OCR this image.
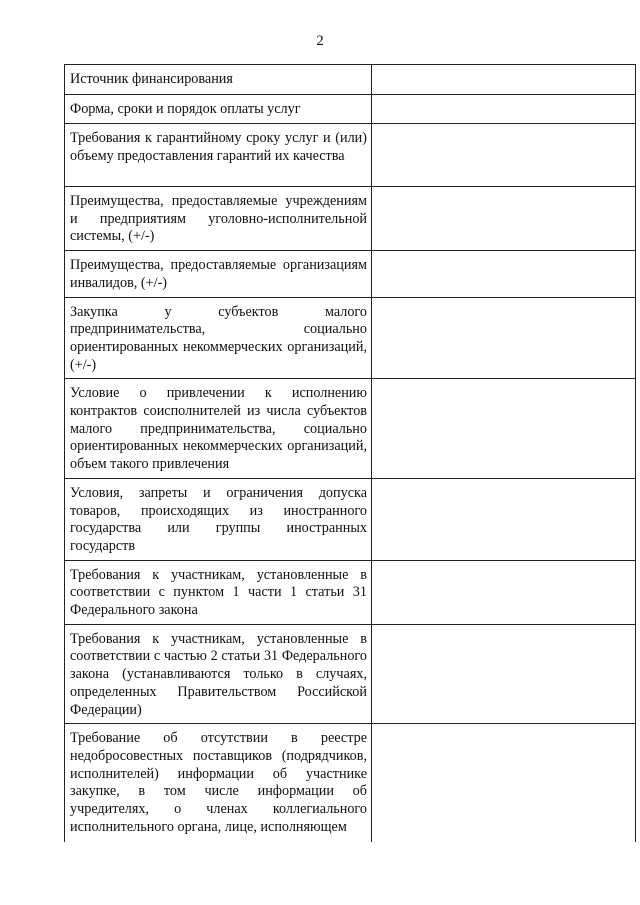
2
Источник финансирования	

Форма, сроки и порядок оплаты услуг	

Требования к гарантийному сроку услуг и (или) объему предоставления гарантий их качества	

Преимущества, предоставляемые учреждениям и предприятиям уголовно-исполнительной системы, (+/-)	

Преимущества, предоставляемые организациям инвалидов, (+/-)	

Закупка у субъектов малого предпринимательства, социально ориентированных некоммерческих организаций, (+/-)	

Условие о привлечении к исполнению контрактов соисполнителей из числа субъектов малого предпринимательства, социально ориентированных некоммерческих организаций, объем такого привлечения	

Условия, запреты и ограничения допуска товаров, происходящих из иностранного государства или группы иностранных государств	

Требования к участникам, установленные в соответствии с пунктом 1 части 1 статьи 31 Федерального закона	

Требования к участникам, установленные в соответствии с частью 2 статьи 31 Федерального закона (устанавливаются только в случаях, определенных Правительством Российской Федерации)	

Требование об отсутствии в реестре недобросовестных поставщиков (подрядчиков, исполнителей) информации об участнике закупке, в том числе информации об учредителях, о членах коллегиального исполнительного органа, лице, исполняющем	
